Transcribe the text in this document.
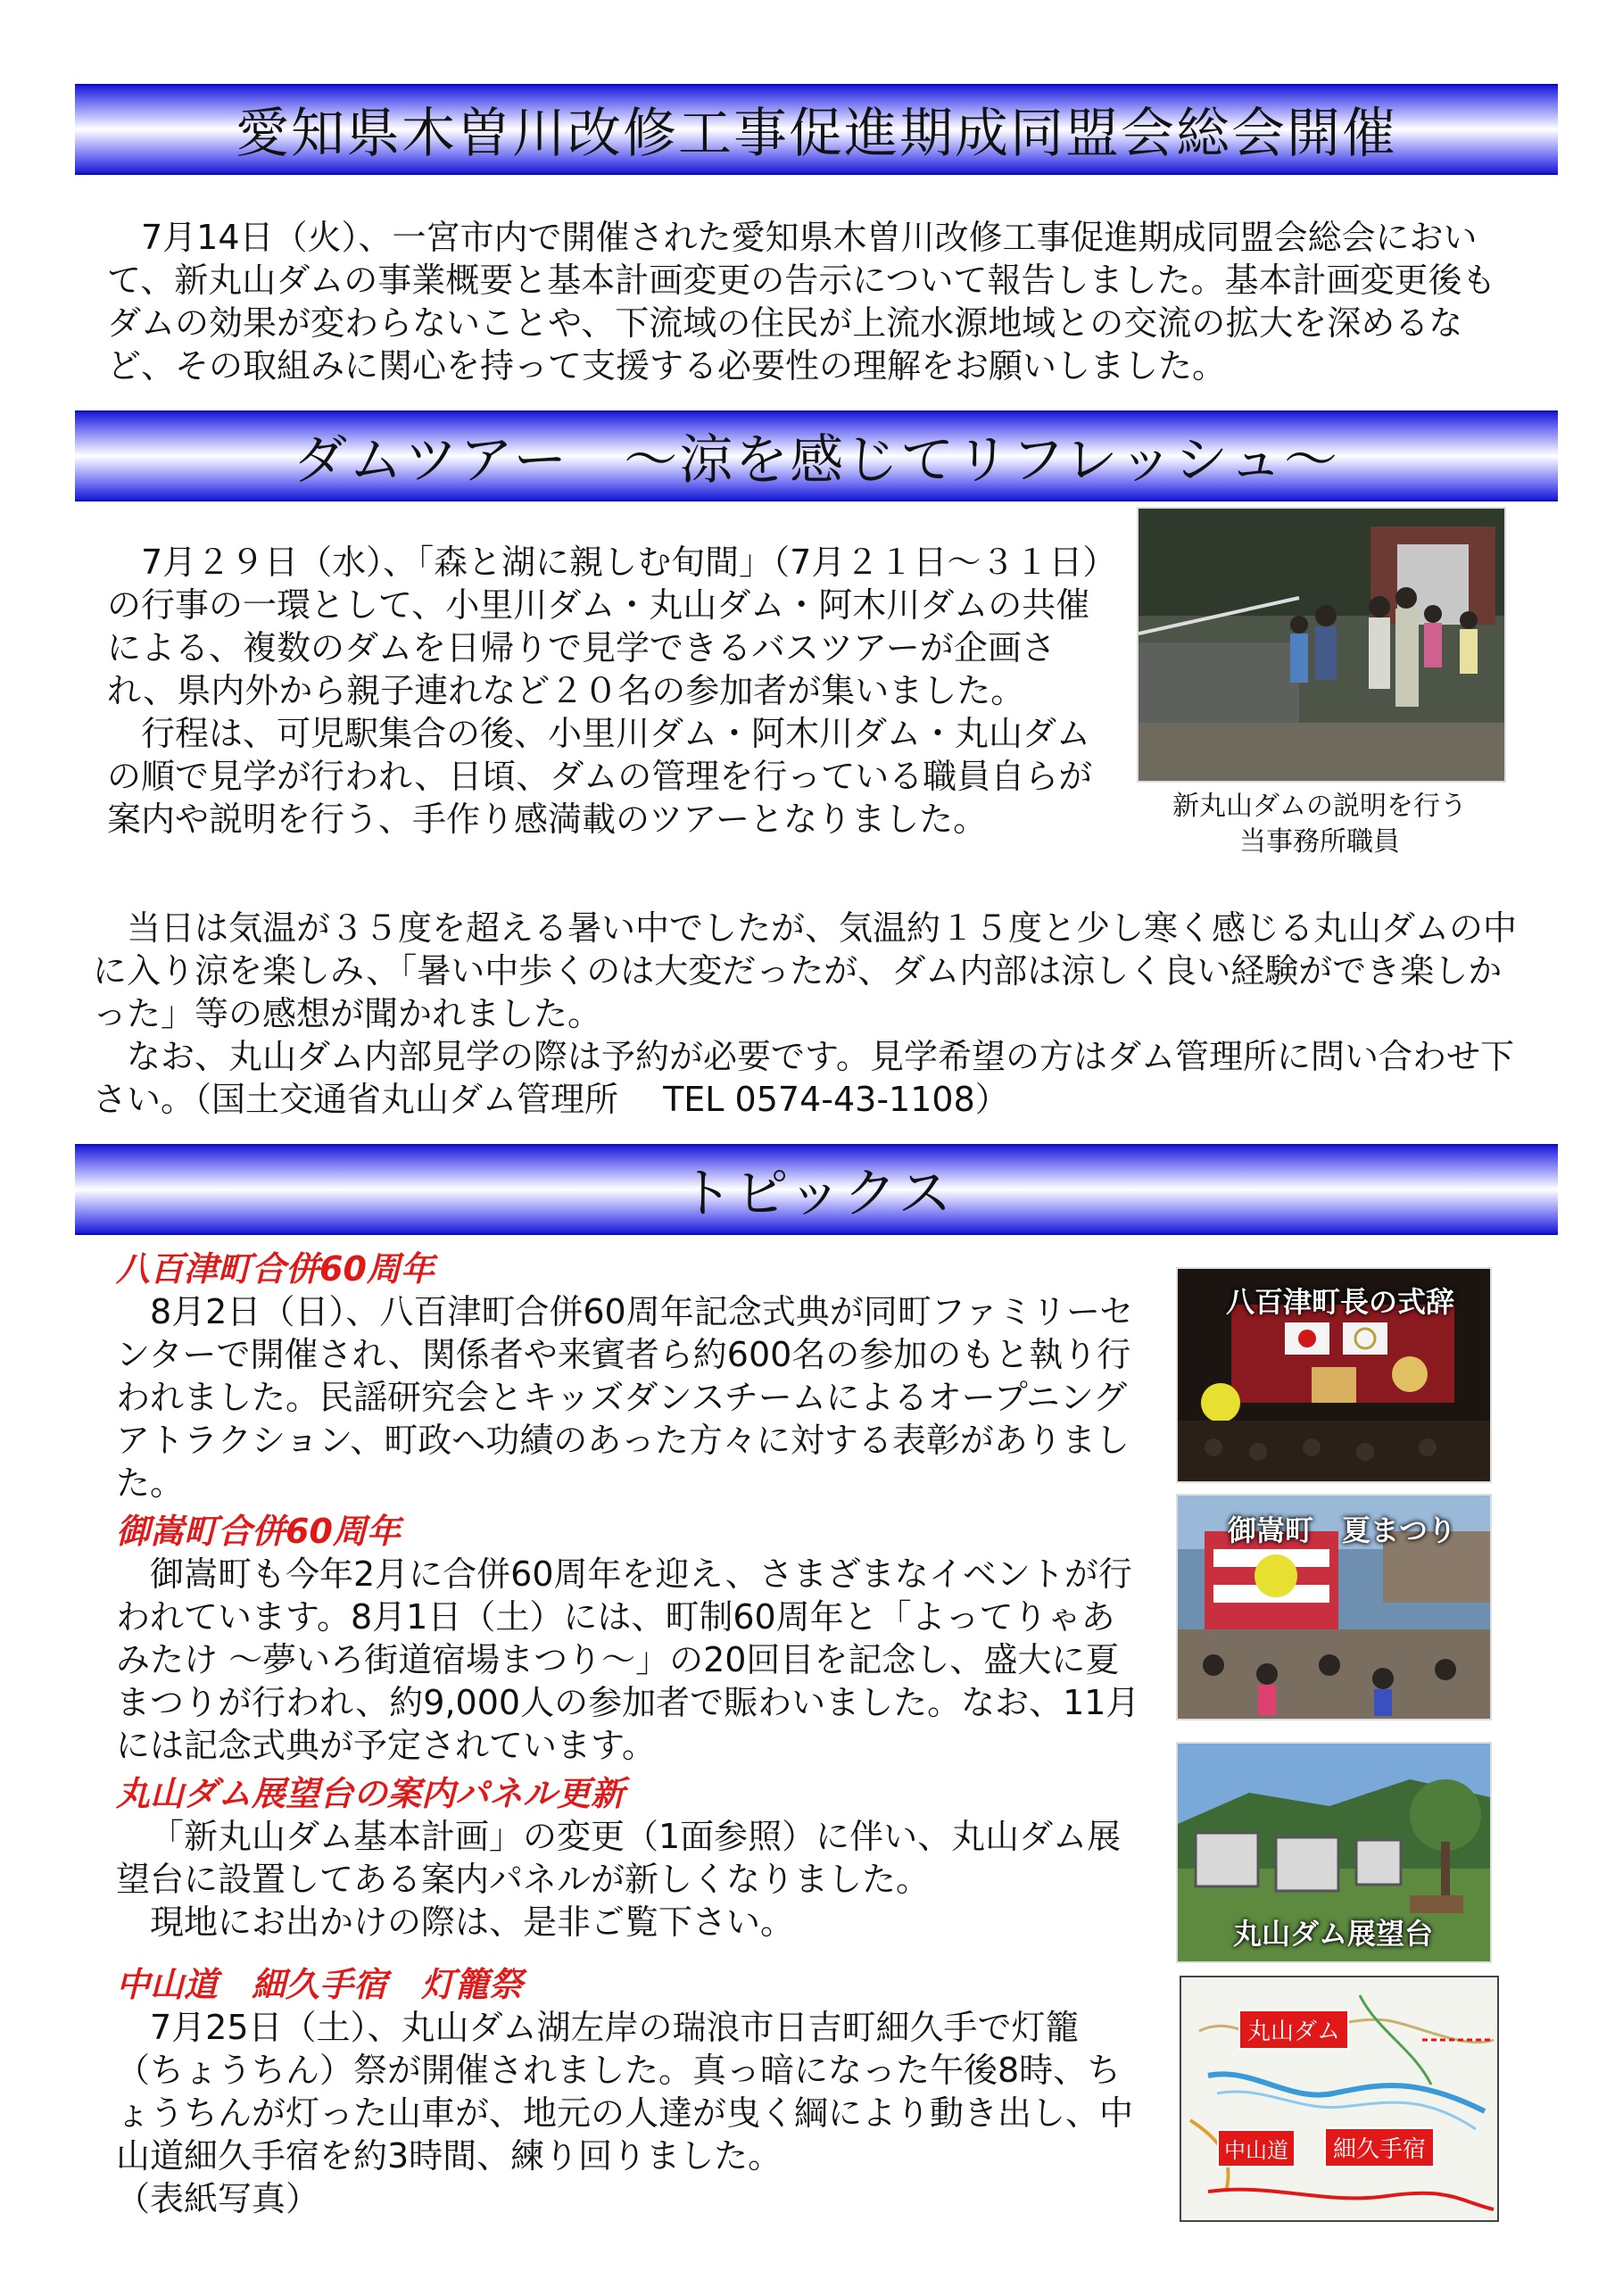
愛知県木曽川改修工事促進期成同盟会総会開催

7月14日（火）、一宮市内で開催された愛知県木曽川改修工事促進期成同盟会総会において、新丸山ダムの事業概要と基本計画変更の告示について報告しました。基本計画変更後もダムの効果が変わらないことや、下流域の住民が上流水源地域との交流の拡大を深めるなど、その取組みに関心を持って支援する必要性の理解をお願いしました。

ダムツアー　～涼を感じてリフレッシュ～

7月２９日（水）、「森と湖に親しむ旬間」（7月２１日～３１日）の行事の一環として、小里川ダム・丸山ダム・阿木川ダムの共催による、複数のダムを日帰りで見学できるバスツアーが企画され、県内外から親子連れなど２０名の参加者が集いました。

行程は、可児駅集合の後、小里川ダム・阿木川ダム・丸山ダムの順で見学が行われ、日頃、ダムの管理を行っている職員自らが案内や説明を行う、手作り感満載のツアーとなりました。	新丸山ダムの説明を行う
当事務所職員

当日は気温が３５度を超える暑い中でしたが、気温約１５度と少し寒く感じる丸山ダムの中に入り涼を楽しみ、「暑い中歩くのは大変だったが、ダム内部は涼しく良い経験ができ楽しかった」等の感想が聞かれました。

なお、丸山ダム内部見学の際は予約が必要です。見学希望の方はダム管理所に問い合わせ下さい。（国土交通省丸山ダム管理所　 TEL 0574-43-1108）

トピックス
八百津町合併60周年

8月2日（日）、八百津町合併60周年記念式典が同町ファミリーセンターで開催され、関係者や来賓者ら約600名の参加のもと執り行われました。民謡研究会とキッズダンスチームによるオープニングアトラクション、町政へ功績のあった方々に対する表彰がありました。

八百津町長の式辞
御嵩町合併60周年

御嵩町も今年2月に合併60周年を迎え、さまざまなイベントが行われています。8月1日（土）には、町制60周年と「よってりゃあみたけ ～夢いろ街道宿場まつり～」の20回目を記念し、盛大に夏まつりが行われ、約9,000人の参加者で賑わいました。なお、11月には記念式典が予定されています。

御嵩町　夏まつり
丸山ダム展望台の案内パネル更新

「新丸山ダム基本計画」の変更（1面参照）に伴い、丸山ダム展望台に設置してある案内パネルが新しくなりました。

現地にお出かけの際は、是非ご覧下さい。	丸山ダム展望台
中山道　細久手宿　灯籠祭

7月25日（土）、丸山ダム湖左岸の瑞浪市日吉町細久手で灯籠（ちょうちん）祭が開催されました。真っ暗になった午後8時、ちょうちんが灯った山車が、地元の人達が曳く綱により動き出し、中山道細久手宿を約3時間、練り回りました。

（表紙写真）

丸山ダム
中山道	細久手宿
